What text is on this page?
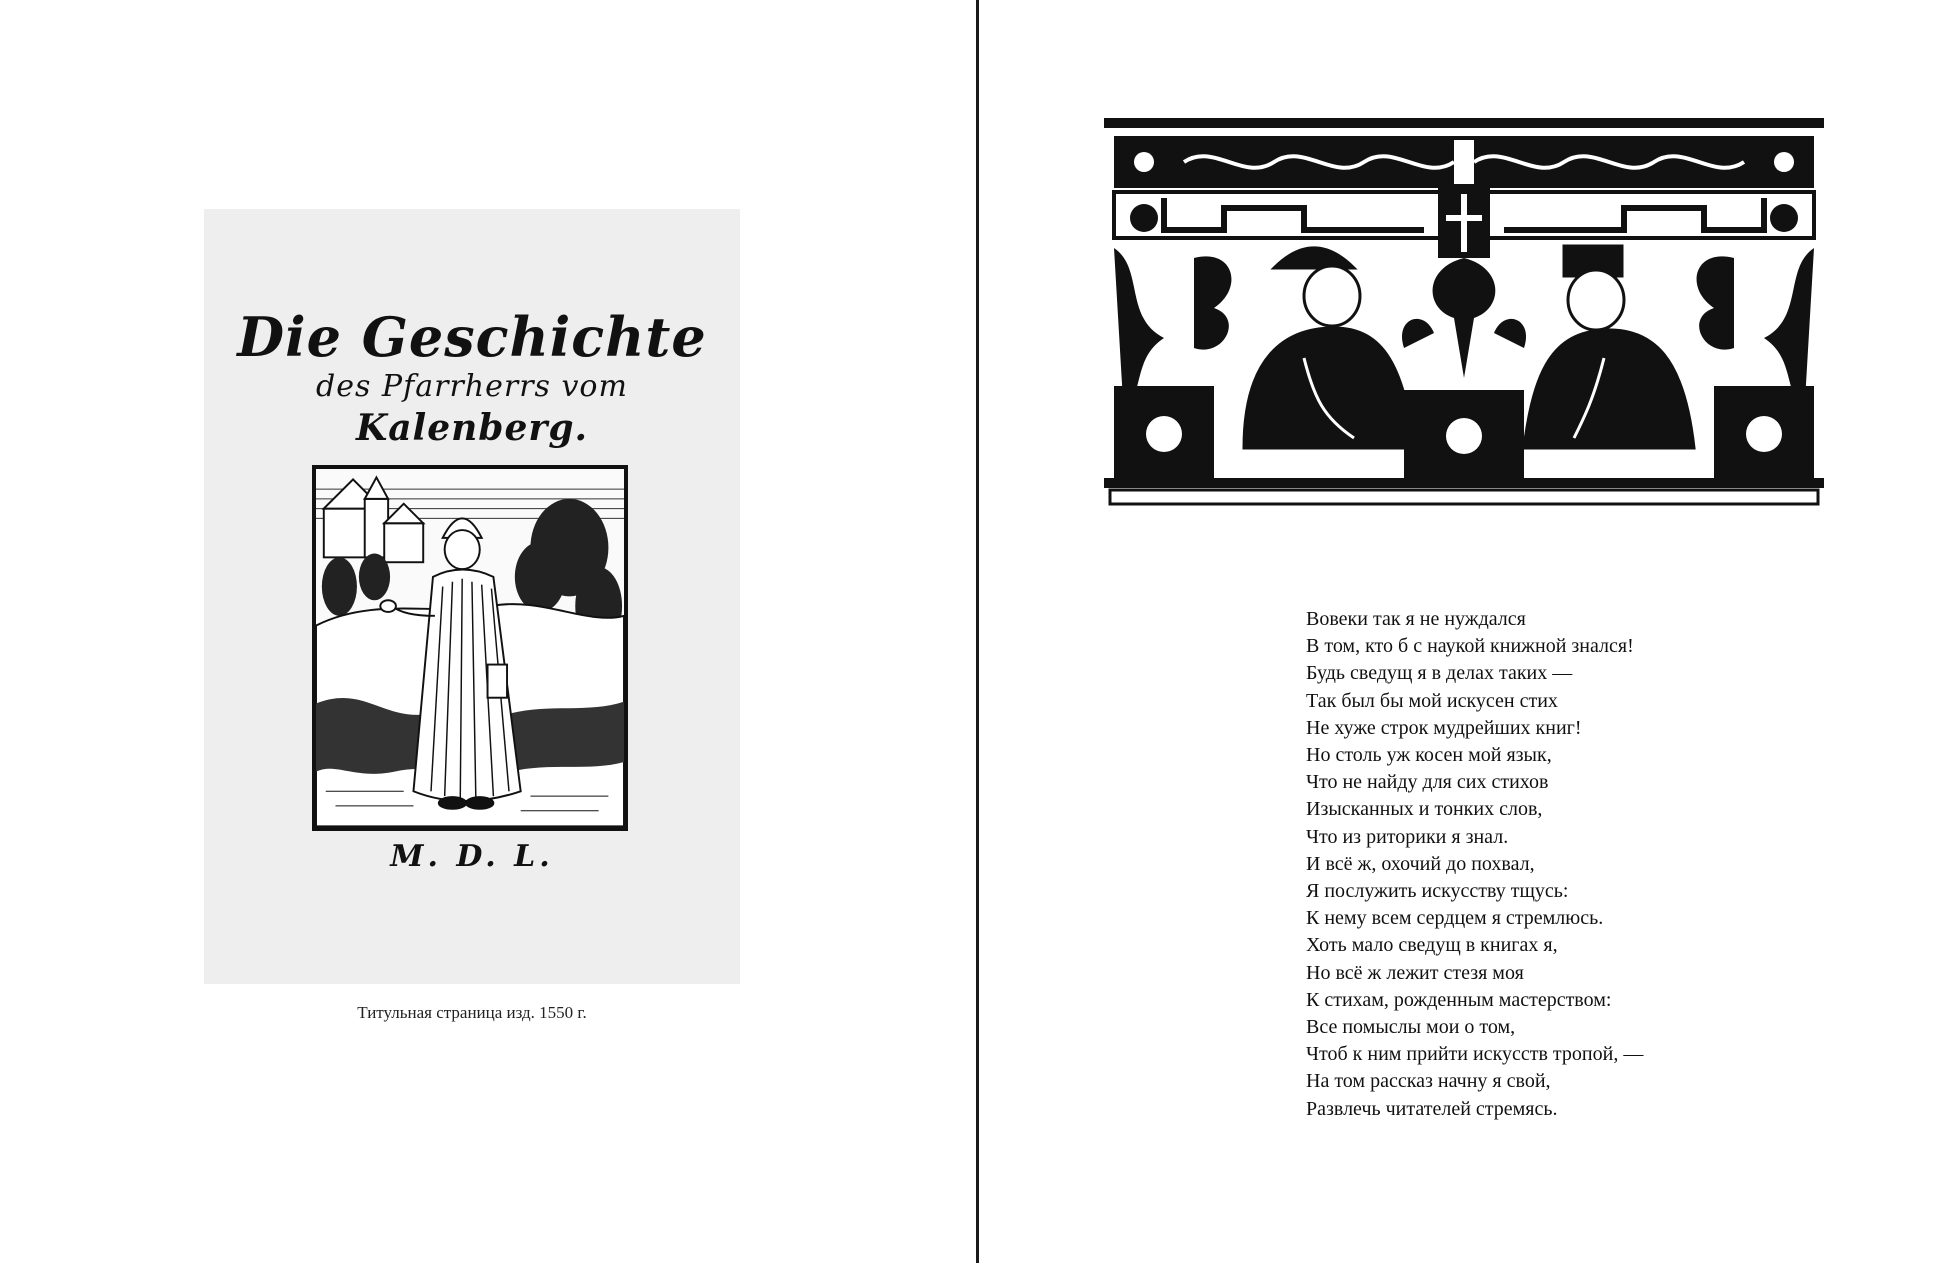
Die Geschichte
des Pfarrherrs vom
Kalenberg.
M. D. L.
Титульная страница изд. 1550 г.
Вовеки так я не нуждался
В том, кто б с наукой книжной знался!
Будь сведущ я в делах таких —
Так был бы мой искусен стих
Не хуже строк мудрейших книг!
Но столь уж косен мой язык,
Что не найду для сих стихов
Изысканных и тонких слов,
Что из риторики я знал.
И всё ж, охочий до похвал,
Я послужить искусству тщусь:
К нему всем сердцем я стремлюсь.
Хоть мало сведущ в книгах я,
Но всё ж лежит стезя моя
К стихам, рожденным мастерством:
Все помыслы мои о том,
Чтоб к ним прийти искусств тропой, —
На том рассказ начну я свой,
Развлечь читателей стремясь.
